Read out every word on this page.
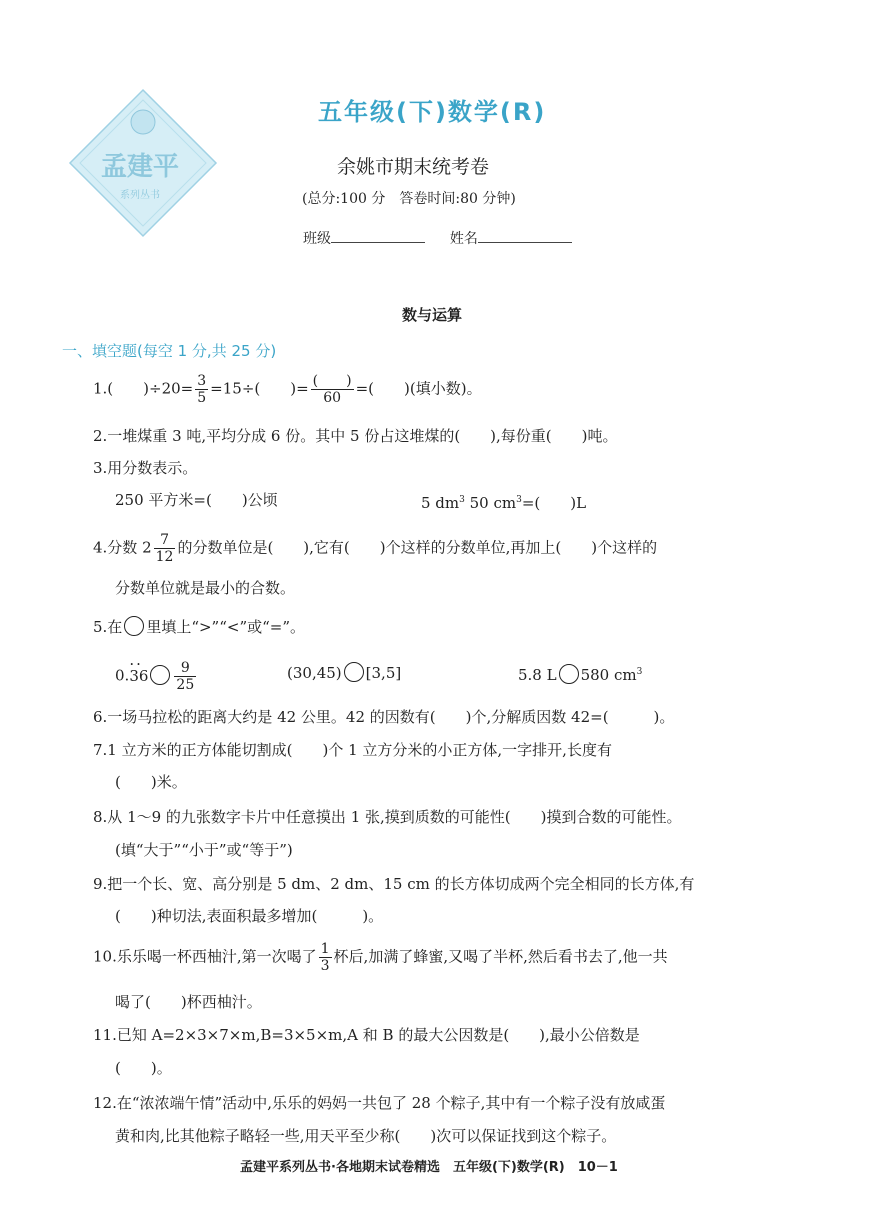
孟建平
系列丛书
五年级(下)数学(R)
余姚市期末统考卷
(总分:100 分　答卷时间:80 分钟)
班级	姓名
数与运算
一、填空题(每空 1 分,共 25 分)
1.(　　)$\div 20= \frac{3}{5} =15\div$(　　)= $\frac{( )}{60}$ =(　　)(填小数)。
2.一堆煤重 3 吨,平均分成 6 份。其中 5 份占这堆煤的(　　),每份重(　　)吨。
3.用分数表示。
250 平方米=(　　)公顷	5 $dm^3$ 50 $cm^3=$(　　)L
4.分数 $2 \frac{7}{12}$ 的分数单位是(　　),它有(　　)个这样的分数单位,再加上(　　)个这样的
分数单位就是最小的合数。
5.在 里填上“>”“<”或“=”。
$0.\cdot\cdot 36 \frac{9}{25}$	(30,45) [3,5]	5.8 L 580 $cm^3$
6.一场马拉松的距离大约是 42 公里。42 的因数有(　　)个,分解质因数 42=(　　　)。
7.1 立方米的正方体能切割成(　　)个 1 立方分米的小正方体,一字排开,长度有
(　　)米。
8.从 1～9 的九张数字卡片中任意摸出 1 张,摸到质数的可能性(　　)摸到合数的可能性。
(填“大于”“小于”或“等于”)
9.把一个长、宽、高分别是 5 dm、2 dm、15 cm 的长方体切成两个完全相同的长方体,有
(　　)种切法,表面积最多增加(　　　)。
10.乐乐喝一杯西柚汁,第一次喝了 $\frac{1}{3}$ 杯后,加满了蜂蜜,又喝了半杯,然后看书去了,他一共
喝了(　　)杯西柚汁。
11.已知 A=2×3×7×m,B=3×5×m,A 和 B 的最大公因数是(　　),最小公倍数是
(　　)。
12.在“浓浓端午情”活动中,乐乐的妈妈一共包了 28 个粽子,其中有一个粽子没有放咸蛋
黄和肉,比其他粽子略轻一些,用天平至少称(　　)次可以保证找到这个粽子。
孟建平系列丛书·各地期末试卷精选　五年级(下)数学(R)　10－1
